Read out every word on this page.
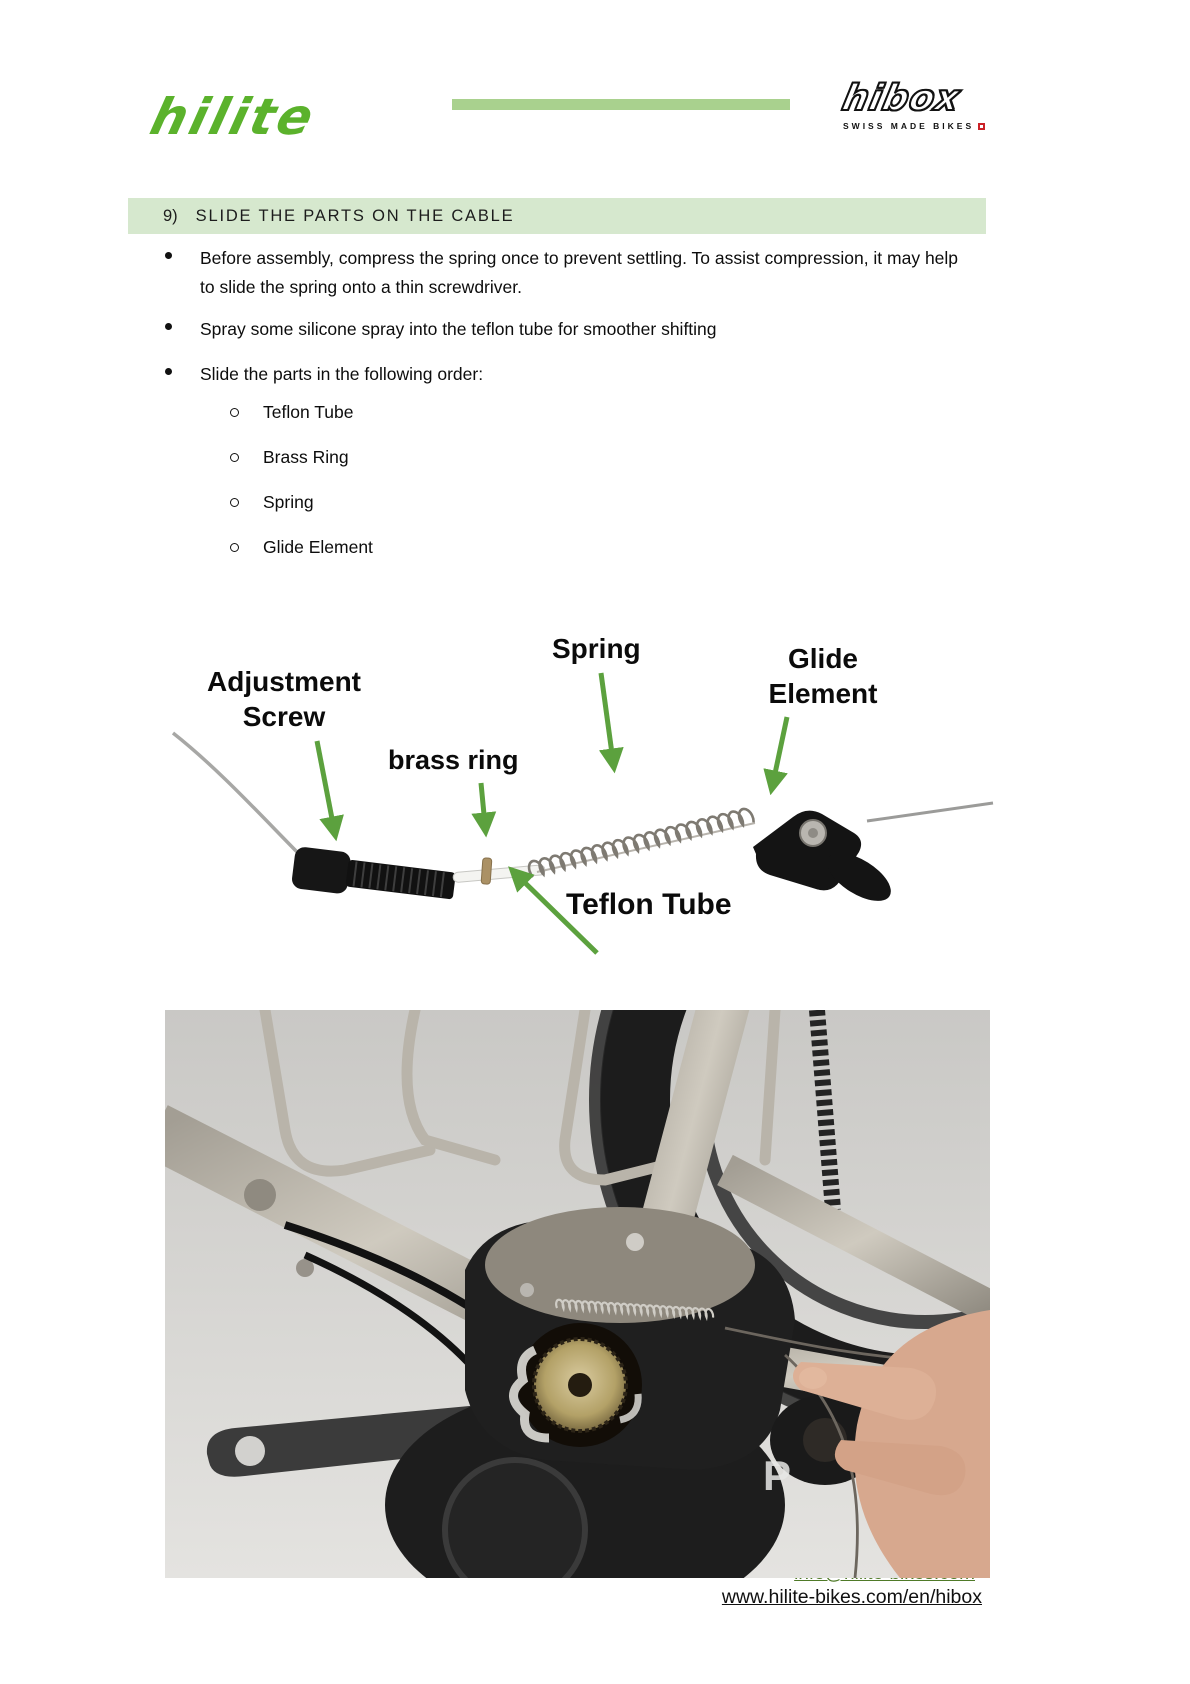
hilite	hibox
SWISS MADE BIKES
9) SLIDE THE PARTS ON THE CABLE
Before assembly, compress the spring once to prevent settling. To assist compression, it may help to slide the spring onto a thin screwdriver.
Spray some silicone spray into the teflon tube for smoother shifting
Slide the parts in the following order:
Teflon Tube
Brass Ring
Spring
Glide Element
Adjustment Screw
brass ring
Spring	Glide Element
Teflon Tube
P
www.hilite-bikes.com/en/hibox
